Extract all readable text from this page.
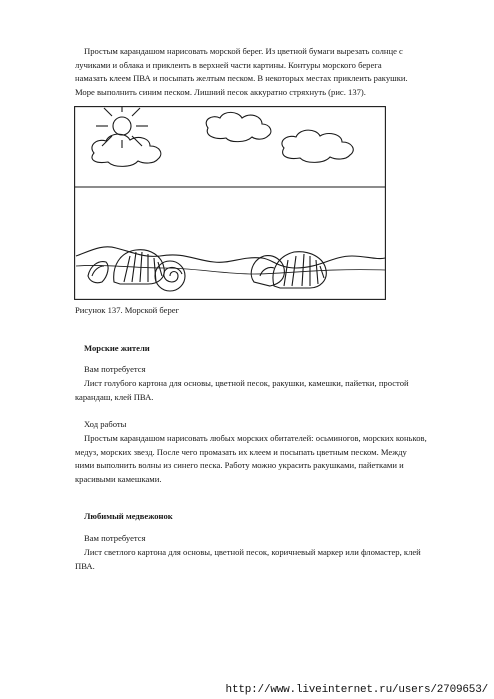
Простым карандашом нарисовать морской берег. Из цветной бумаги вырезать солнце с
лучиками и облака и приклеить в верхней части картины. Контуры морского берега
намазать клеем ПВА и посыпать желтым песком. В некоторых местах приклеить ракушки.
Море выполнить синим песком. Лишний песок аккуратно стряхнуть (рис. 137).

Рисунок 137. Морской берег

Морские жители

Вам потребуется

Лист голубого картона для основы, цветной песок, ракушки, камешки, пайетки, простой карандаш, клей ПВА.

Ход работы

Простым карандашом нарисовать любых морских обитателей: осьминогов, морских коньков, медуз, морских звезд. После чего промазать их клеем и посыпать цветным песком. Между ними выполнить волны из синего песка. Работу можно украсить ракушками, пайетками и красивыми камешками.

Любимый медвежонок

Вам потребуется

Лист светлого картона для основы, цветной песок, коричневый маркер или фломастер, клей ПВА.

http://www.liveinternet.ru/users/2709653/
